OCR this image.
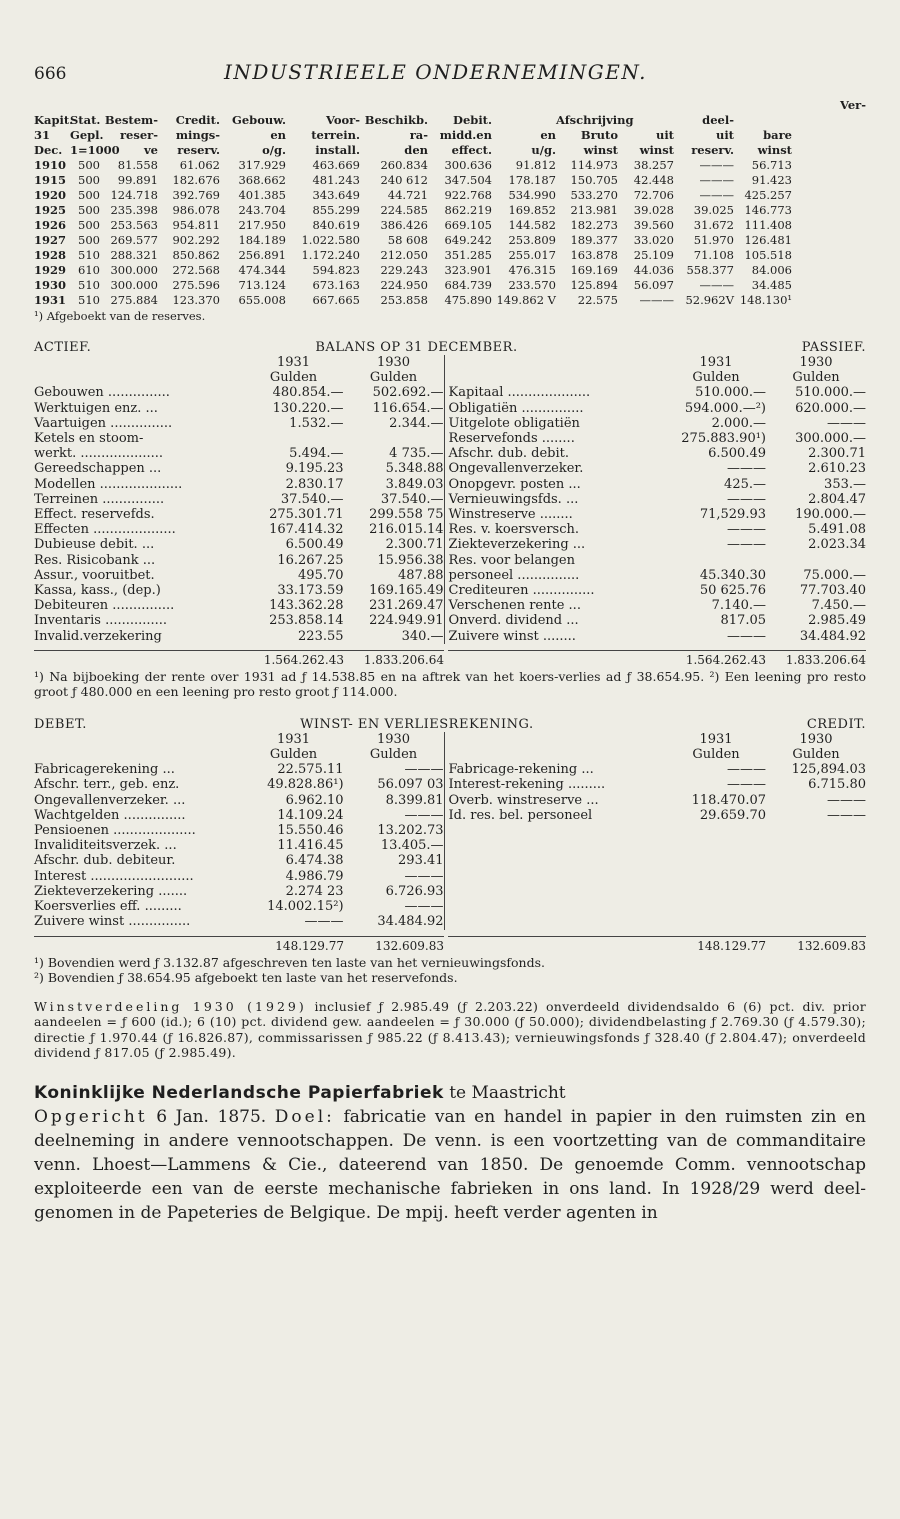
666	INDUSTRIEELE ONDERNEMINGEN.
Ver-
Kapit.
Stat. Bestem-	Credit.	Gebouw.	Voor- Beschikb.	Debit.	Afschrijving	deel-
31	Gepl.	reser-	mings-	en	terrein.	ra-	midd.en	en	Bruto	uit	uit	bare
Dec. 1=1000	ve	reserv.	o/g.	install.	den	effect.	u/g.	winst	winst	reserv.	winst
1910	500	81.558	61.062	317.929	463.669	260.834	300.636	91.812	114.973	38.257	———	56.713
1915	500	99.891	182.676	368.662	481.243	240 612	347.504	178.187	150.705	42.448	———	91.423
1920	500 124.718	392.769	401.385	343.649	44.721	922.768	534.990	533.270	72.706	——— 425.257
1925	500 235.398	986.078	243.704	855.299	224.585	862.219	169.852	213.981	39.028	39.025 146.773
1926	500 253.563	954.811	217.950	840.619	386.426	669.105	144.582	182.273	39.560	31.672 111.408
1927	500 269.577	902.292	184.189	1.022.580	58 608	649.242	253.809	189.377	33.020	51.970 126.481
1928	510 288.321	850.862	256.891	1.172.240	212.050	351.285	255.017	163.878	25.109	71.108 105.518
1929	610 300.000	272.568	474.344	594.823	229.243	323.901	476.315	169.169	44.036	558.377	84.006
1930	510 300.000	275.596	713.124	673.163	224.950	684.739	233.570	125.894	56.097	———	34.485
1931	510 275.884	123.370	655.008	667.665	253.858	475.890 149.862 V	22.575	——— 52.962V 148.130¹
¹) Afgeboekt van de reserves.
ACTIEF.	BALANS OP 31 DECEMBER.	PASSIEF.
1931	1930
Gulden	Gulden
Gebouwen ...............	480.854.—	502.692.—
Werktuigen enz. ...	130.220.—	116.654.—
Vaartuigen ...............	1.532.—	2.344.—
Ketels en stoom-
werkt. ....................	5.494.—	4 735.—
Gereedschappen ...	9.195.23	5.348.88
Modellen ....................	2.830.17	3.849.03
Terreinen ...............	37.540.—	37.540.—
Effect. reservefds.	275.301.71	299.558 75
Effecten ....................	167.414.32	216.015.14
Dubieuse debit. ...	6.500.49	2.300.71
Res. Risicobank ...	16.267.25	15.956.38
Assur., vooruitbet.	495.70	487.88
Kassa, kass., (dep.)	33.173.59	169.165.49
Debiteuren ...............	143.362.28	231.269.47
Inventaris ...............	253.858.14	224.949.91
Invalid.verzekering	223.55	340.—
1931	1930
Gulden	Gulden
Kapitaal ....................	510.000.—	510.000.—
Obligatiën ...............	594.000.—²)	620.000.—
Uitgelote obligatiën	2.000.—	———
Reservefonds ........	275.883.90¹)	300.000.—
Afschr. dub. debit.	6.500.49	2.300.71
Ongevallenverzeker.	———	2.610.23
Onopgevr. posten ...	425.—	353.—
Vernieuwingsfds. ...	———	2.804.47
Winstreserve ........	71,529.93	190.000.—
Res. v. koersversch.	———	5.491.08
Ziekteverzekering ...	———	2.023.34
Res. voor belangen
personeel ...............	45.340.30	75.000.—
Crediteuren ...............	50 625.76	77.703.40
Verschenen rente ...	7.140.—	7.450.—
Onverd. dividend ...	817.05	2.985.49
Zuivere winst ........	———	34.484.92
1.564.262.43	1.833.206.64	1.564.262.43	1.833.206.64
¹) Na bijboeking der rente over 1931 ad ƒ 14.538.85 en na aftrek van het koers-verlies ad ƒ 38.654.95. ²) Een leening pro resto groot ƒ 480.000 en een leening pro resto groot ƒ 114.000.
DEBET.	WINST- EN VERLIESREKENING.	CREDIT.
1931	1930
Gulden	Gulden
Fabricagerekening ...	22.575.11	———
Afschr. terr., geb. enz.	49.828.86¹)	56.097 03
Ongevallenverzeker. ...	6.962.10	8.399.81
Wachtgelden ...............	14.109.24	———
Pensioenen ....................	15.550.46	13.202.73
Invaliditeitsverzek. ...	11.416.45	13.405.—
Afschr. dub. debiteur.	6.474.38	293.41
Interest .........................	4.986.79	———
Ziekteverzekering .......	2.274 23	6.726.93
Koersverlies eff. .........	14.002.15²)	———
Zuivere winst ...............	———	34.484.92
1931	1930
Gulden	Gulden
Fabricage-rekening ...	———	125,894.03
Interest-rekening .........	———	6.715.80
Overb. winstreserve ...	118.470.07	———
Id. res. bel. personeel	29.659.70	———
148.129.77	132.609.83	148.129.77	132.609.83
¹) Bovendien werd ƒ 3.132.87 afgeschreven ten laste van het vernieuwingsfonds.
²) Bovendien ƒ 38.654.95 afgeboekt ten laste van het reservefonds.
Winstverdeeling 1930 (1929) inclusief ƒ 2.985.49 (ƒ 2.203.22) onverdeeld dividendsaldo 6 (6) pct. div. prior aandeelen = ƒ 600 (id.); 6 (10) pct. dividend gew. aandeelen = ƒ 30.000 (ƒ 50.000); dividendbelasting ƒ 2.769.30 (ƒ 4.579.30); directie ƒ 1.970.44 (ƒ 16.826.87), commissarissen ƒ 985.22 (ƒ 8.413.43); vernieuwingsfonds ƒ 328.40 (ƒ 2.804.47); onverdeeld dividend ƒ 817.05 (ƒ 2.985.49).
Koninklijke Nederlandsche Papierfabriek te Maastricht
Opgericht 6 Jan. 1875. Doel: fabricatie van en handel in papier in den ruimsten zin en deelneming in andere vennootschappen. De venn. is een voortzetting van de commanditaire venn. Lhoest—Lammens & Cie., dateerend van 1850. De genoemde Comm. vennootschap exploiteerde een van de eerste mechanische fabrieken in ons land. In 1928/29 werd deel-genomen in de Papeteries de Belgique. De mpij. heeft verder agenten in
